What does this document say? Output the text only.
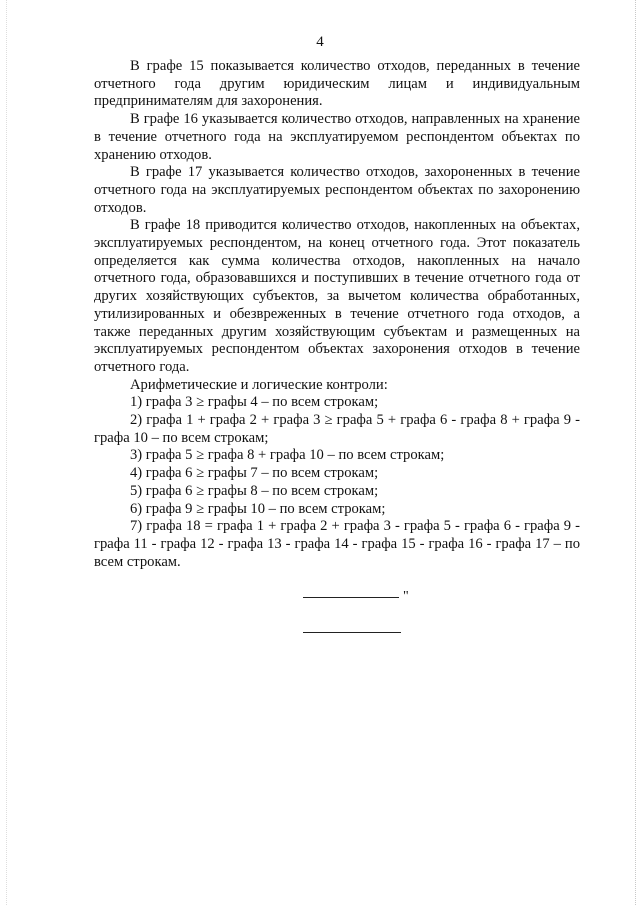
4

В графе 15 показывается количество отходов, переданных в течение отчетного года другим юридическим лицам и индивидуальным предпринимателям для захоронения.

В графе 16 указывается количество отходов, направленных на хранение в течение отчетного года на эксплуатируемом респондентом объектах по хранению отходов.

В графе 17 указывается количество отходов, захороненных в течение отчетного года на эксплуатируемых респондентом объектах по захоронению отходов.

В графе 18 приводится количество отходов, накопленных на объектах, эксплуатируемых респондентом, на конец отчетного года. Этот показатель определяется как сумма количества отходов, накопленных на начало отчетного года, образовавшихся и поступивших в течение отчетного года от других хозяйствующих субъектов, за вычетом количества обработанных, утилизированных и обезвреженных в течение отчетного года отходов, а также переданных другим хозяйствующим субъектам и размещенных на эксплуатируемых респондентом объектах захоронения отходов в течение отчетного года.

Арифметические и логические контроли:

1) графа 3 ≥ графы 4 – по всем строкам;

2) графа 1 + графа 2 + графа 3 ≥ графа 5 + графа 6 - графа 8 + графа 9 - графа 10 – по всем строкам;

3) графа 5 ≥ графа 8 + графа 10 – по всем строкам;

4) графа 6 ≥ графы 7 – по всем строкам;

5) графа 6 ≥ графы 8 – по всем строкам;

6) графа 9 ≥ графы 10 – по всем строкам;

7) графа 18 = графа 1 + графа 2 + графа 3 - графа 5 - графа 6 - графа 9 - графа 11 - графа 12 - графа 13 - графа 14 - графа 15 - графа 16 - графа 17 – по всем строкам.

"
